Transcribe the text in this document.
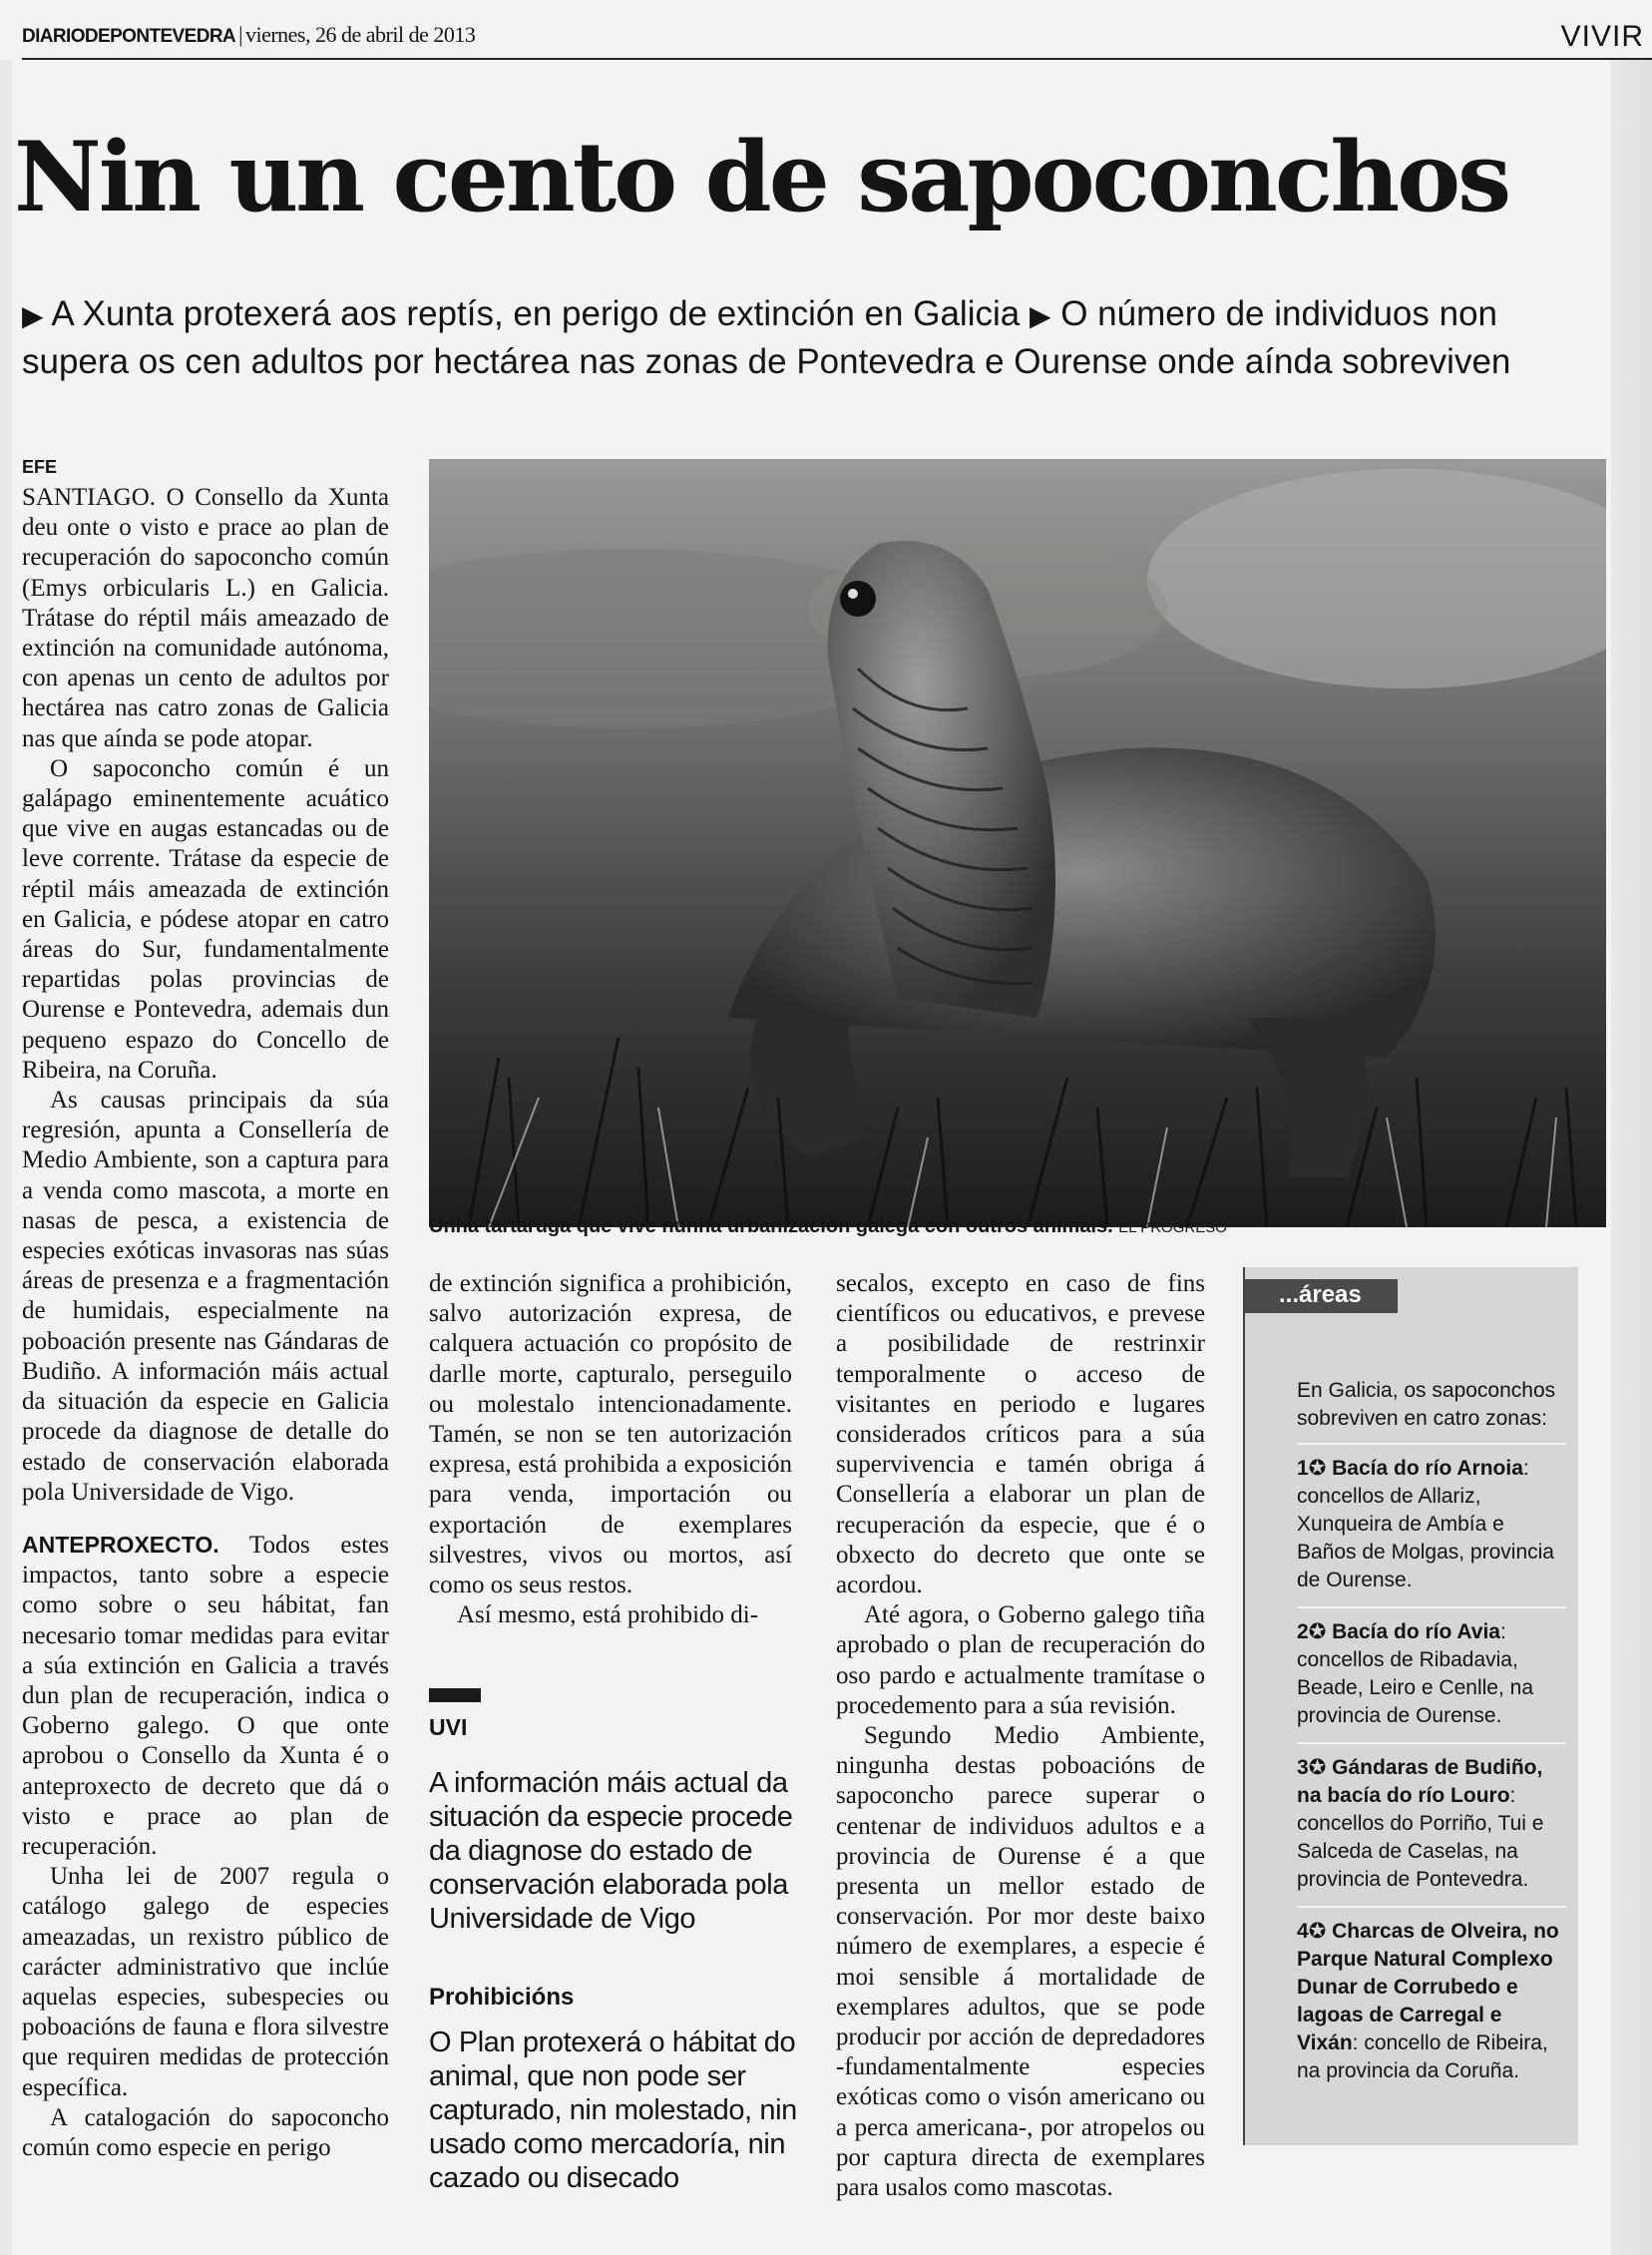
DIARIODEPONTEVEDRA | viernes, 26 de abril de 2013	VIVIR
Nin un cento de sapoconchos
▶ A Xunta protexerá aos reptís, en perigo de extinción en Galicia ▶ O número de individuos non supera os cen adultos por hectárea nas zonas de Pontevedra e Ourense onde aínda sobreviven
EFE

SANTIAGO. O Consello da Xunta deu onte o visto e prace ao plan de recuperación do sapoconcho común (Emys orbicularis L.) en Galicia. Trátase do réptil máis ameazado de extinción na comunidade autónoma, con apenas un cento de adultos por hectárea nas catro zonas de Galicia nas que aínda se pode atopar.

O sapoconcho común é un galápago eminentemente acuático que vive en augas estancadas ou de leve corrente. Trátase da especie de réptil máis ameazada de extinción en Galicia, e pódese atopar en catro áreas do Sur, fundamentalmente repartidas polas provincias de Ourense e Pontevedra, ademais dun pequeno espazo do Concello de Ribeira, na Coruña.

As causas principais da súa regresión, apunta a Consellería de Medio Ambiente, son a captura para a venda como mascota, a morte en nasas de pesca, a existencia de especies exóticas invasoras nas súas áreas de presenza e a fragmentación de humidais, especialmente na poboación presente nas Gándaras de Budiño. A información máis actual da situación da especie en Galicia procede da diagnose de detalle do estado de conservación elaborada pola Universidade de Vigo.

ANTEPROXECTO. Todos estes impactos, tanto sobre a especie como sobre o seu hábitat, fan necesario tomar medidas para evitar a súa extinción en Galicia a través dun plan de recuperación, indica o Goberno galego. O que onte aprobou o Consello da Xunta é o anteproxecto de decreto que dá o visto e prace ao plan de recuperación.

Unha lei de 2007 regula o catálogo galego de especies ameazadas, un rexistro público de carácter administrativo que inclúe aquelas especies, subespecies ou poboacións de fauna e flora silvestre que requiren medidas de protección específica.

A catalogación do sapoconcho común como especie en perigo

Unha tartaruga que vive nunha urbanización galega con outros animais. EL PROGRESO

de extinción significa a prohibición, salvo autorización expresa, de calquera actuación co propósito de darlle morte, capturalo, perseguilo ou molestalo intencionadamente. Tamén, se non se ten autorización expresa, está prohibida a exposición para venda, importación ou exportación de exemplares silvestres, vivos ou mortos, así como os seus restos.

Así mesmo, está prohibido di-

UVI
A información máis actual da situación da especie procede da diagnose do estado de conservación elaborada pola Universidade de Vigo
Prohibicións
O Plan protexerá o hábitat do animal, que non pode ser capturado, nin molestado, nin usado como mercadoría, nin cazado ou disecado

secalos, excepto en caso de fins científicos ou educativos, e prevese a posibilidade de restrinxir temporalmente o acceso de visitantes en periodo e lugares considerados críticos para a súa supervivencia e tamén obriga á Consellería a elaborar un plan de recuperación da especie, que é o obxecto do decreto que onte se acordou.

Até agora, o Goberno galego tiña aprobado o plan de recuperación do oso pardo e actualmente tramítase o procedemento para a súa revisión.

Segundo Medio Ambiente, ningunha destas poboacións de sapoconcho parece superar o centenar de individuos adultos e a provincia de Ourense é a que presenta un mellor estado de conservación. Por mor deste baixo número de exemplares, a especie é moi sensible á mortalidade de exemplares adultos, que se pode producir por acción de depredadores -fundamentalmente especies exóticas como o visón americano ou a perca americana-, por atropelos ou por captura directa de exemplares para usalos como mascotas.

...áreas

En Galicia, os sapoconchos sobreviven en catro zonas:

1✪ Bacía do río Arnoia: concellos de Allariz, Xunqueira de Ambía e Baños de Molgas, provincia de Ourense.
2✪ Bacía do río Avia: concellos de Ribadavia, Beade, Leiro e Cenlle, na provincia de Ourense.
3✪ Gándaras de Budiño, na bacía do río Louro: concellos do Porriño, Tui e Salceda de Caselas, na provincia de Pontevedra.
4✪ Charcas de Olveira, no Parque Natural Complexo Dunar de Corrubedo e lagoas de Carregal e Vixán: concello de Ribeira, na provincia da Coruña.
